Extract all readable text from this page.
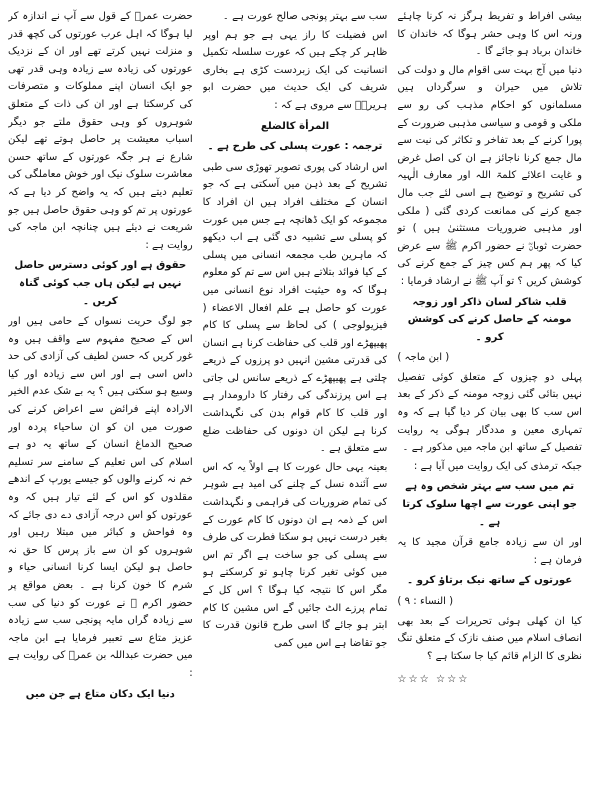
حضرت عمرؓ کے قول سے آپ نے اندازہ کر لیا ہوگا کہ اہل عرب عورتوں کی کچھ قدر و منزلت نہیں کرتے تھے اور ان کے نزدیک عورتوں کی زیادہ سے زیادہ وہی قدر تھی جو ایک انسان اپنے مملوکات و متصرفات کی کرسکتا ہے اور ان کی ذات کے متعلق شوہروں کو وہی حقوق ملتے جو دیگر اسباب معیشت پر حاصل ہوتے تھے لیکن شارع نے ہر جگہ عورتوں کے ساتھ حسن معاشرت سلوک نیک اور خوش معاملگی کی تعلیم دیتے ہیں کہ یہ واضح کر دیا ہے کہ عورتوں پر تم کو وہی حقوق حاصل ہیں جو شریعت نے دیئے ہیں چنانچہ ابن ماجہ کی روایت ہے :

حقوق ہے اور کوئی دسترس حاصل نہیں ہے لیکن ہاں جب کوئی گناہ کریں ۔

جو لوگ حریت نسواں کے حامی ہیں اور اس کے صحیح مفہوم سے واقف ہیں وہ غور کریں کہ حسن لطیف کی آزادی کی حد داس اسی ہے اور اس سے زیادہ اور کیا وسیع ہو سکتی ہیں ؟ یہ بے شک عدم الخیر الارادہ اپنے فرائض سے اعراض کرنے کی صورت میں ان کو ان ساحیاء پردہ اور صحیح الدماغ انسان کے ساتھ یہ دو ہے اسلام کی اس تعلیم کے سامنے سر تسلیم خم نہ کرنے والوں کو جیسے یورپ کے اندھے مقلدوں کو اس کے لئے تیار ہیں کہ وہ عورتوں کو اس درجہ آزادی دے دی جائے کہ وہ فواحش و کبائر میں مبتلا رہیں اور شوہروں کو ان سے باز پرس کا حق نہ حاصل ہو لیکن ایسا کرنا انسانی حیاء و شرم کا خون کرنا ہے ۔ بعض مواقع پر حضور اکرم ﷺ نے عورت کو دنیا کی سب سے زیادہ گراں مایہ پونجی سب سے زیادہ عزیز متاع سے تعبیر فرمایا ہے ابن ماجہ میں حضرت عبداللہ بن عمرؓ کی روایت ہے :

دنیا ایک دکان متاع ہے جن میں

سب سے بہتر پونجی صالح عورت ہے ۔

اس فضیلت کا راز یہی ہے جو ہم اوپر ظاہر کر چکے ہیں کہ عورت سلسلہ تکمیل انسانیت کی ایک زبردست کڑی ہے بخاری شریف کی ایک حدیث میں حضرت ابو ہریرہؓ سے مروی ہے کہ :

المرأة كالضلع

ترجمہ : عورت پسلی کی طرح ہے ۔

اس ارشاد کی پوری تصویر تھوڑی سی طبی تشریح کے بعد ذہن میں آسکتی ہے کہ جو انسان کے مختلف افراد ہیں ان افراد کا مجموعہ کو ایک ڈھانچہ ہے جس میں عورت کو پسلی سے تشبیہ دی گئی ہے اب دیکھو کہ ماہرین طب مجمعہ انسانی میں پسلی کے کیا فوائد بتلاتے ہیں اس سے تم کو معلوم ہوگا کہ وہ حیثیت افراد نوع انسانی میں عورت کو حاصل ہے علم افعال الاعضاء ( فیزیولوجی ) کی لحاظ سے پسلی کا کام پھیپھڑے اور قلب کی حفاظت کرنا ہے انسان کی قدرتی مشین انہیں دو پرزوں کے ذریعے چلتی ہے پھیپھڑے کے ذریعے سانس لی جاتی ہے اس پرزندگی کی رفتار کا دارومدار ہے اور قلب کا کام قوام بدن کی نگہداشت کرنا ہے لیکن ان دونوں کی حفاظت ضلع سے متعلق ہے ۔

بعینہ یہی حال عورت کا ہے اولاً یہ کہ اس سے آئندہ نسل کے چلنے کی امید ہے شوہر کی تمام ضروریات کی فراہمی و نگہداشت اس کے ذمہ ہے ان دونوں کا کام عورت کے بغیر درست نہیں ہو سکتا فطرت کی طرف سے پسلی کی جو ساخت ہے اگر تم اس میں کوئی تغیر کرنا چاہو تو کرسکتے ہو مگر اس کا نتیجہ کیا ہوگا ؟ اس کل کے تمام پرزے الٹ جائیں گے اس مشین کا کام ابتر ہو جائے گا اسی طرح قانون قدرت کا جو تقاضا ہے اس میں کمی

بیشی افراط و تفریط ہرگز نہ کرنا چاہئے ورنہ اس کا وہی حشر ہوگا کہ خاندان کا خاندان برباد ہو جائے گا ۔

دنیا میں آج بہت سی اقوام مال و دولت کی تلاش میں حیران و سرگرداں ہیں مسلمانوں کو احکام مذہب کی رو سے ملکی و قومی و سیاسی مذہبی ضرورت کے پورا کرنے کے بعد تفاخر و تکاثر کی نیت سے مال جمع کرنا ناجائز ہے ان کی اصل غرض و غایت اعلائے کلمۃ اللہ اور معارف الٰہیہ کی تشریح و توضیح ہے اسی لئے جب مال جمع کرنے کی ممانعت کردی گئی ( ملکی اور مذہبی ضروریات مستثنیٰ ہیں ) تو حضرت ثوبانؓ نے حضور اکرم ﷺ سے عرض کیا کہ پھر ہم کس چیز کے جمع کرنے کی کوشش کریں ؟ تو آپ ﷺ نے ارشاد فرمایا :

قلب شاکر لسان ذاکر اور زوجہ مومنہ کے حاصل کرنے کی کوشش کرو ۔

( ابن ماجہ )

پہلی دو چیزوں کے متعلق کوئی تفصیل نہیں بتائی گئی زوجہ مومنہ کے ذکر کے بعد اس سب کا بھی بیان کر دیا گیا ہے کہ وہ تمہاری معین و مددگار ہوگی یہ روایت تفصیل کے ساتھ ابن ماجہ میں مذکور ہے ۔

جبکہ ترمذی کی ایک روایت میں آیا ہے :

تم میں سب سے بہتر شخص وہ ہے جو اپنی عورت سے اچھا سلوک کرتا ہے ۔

اور ان سے زیادہ جامع قرآن مجید کا یہ فرمان ہے :

عورتوں کے ساتھ نیک برتاؤ کرو ۔

( النساء : ۹ )

کیا ان کھلی ہوئی تحریرات کے بعد بھی انصاف اسلام میں صنف نازک کے متعلق تنگ نظری کا الزام قائم کیا جا سکتا ہے ؟

☆☆☆ ☆☆☆
